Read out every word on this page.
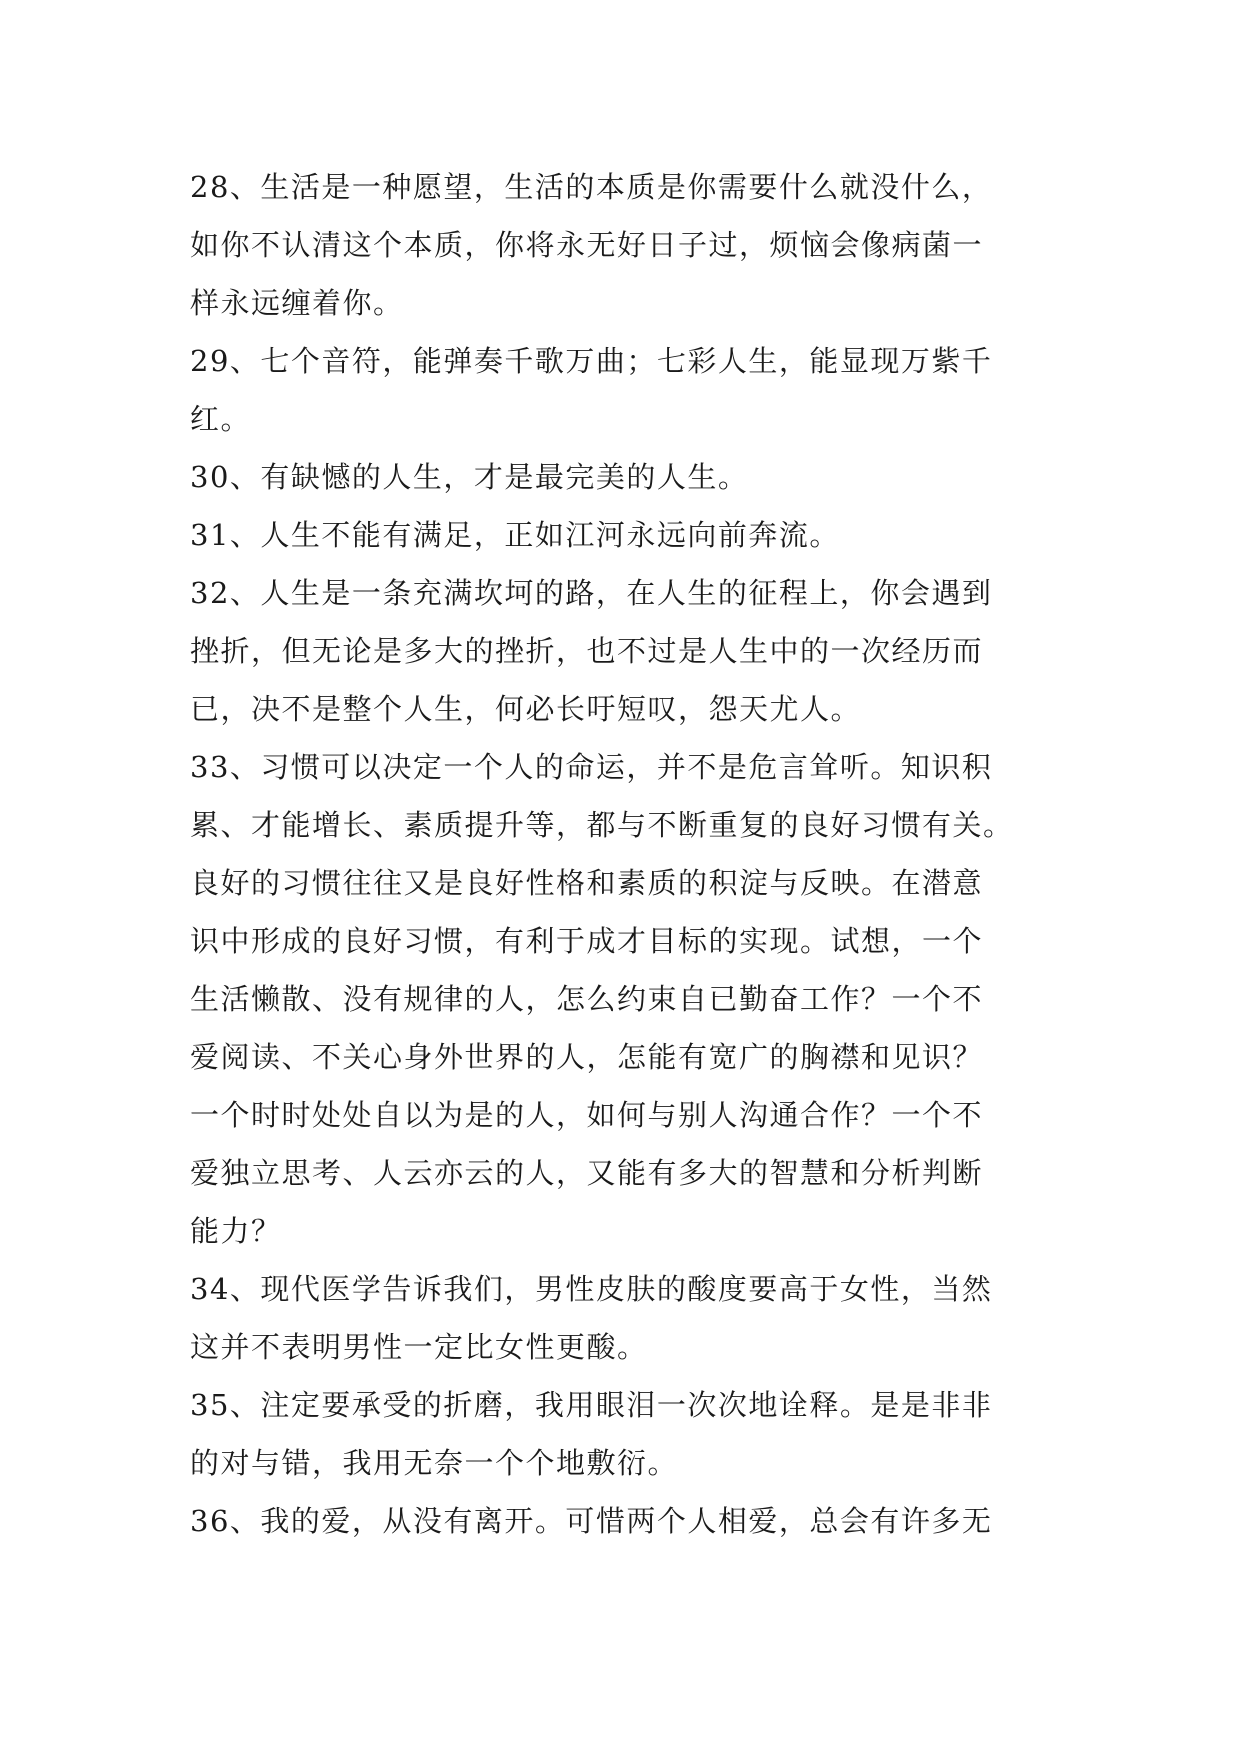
28、生活是一种愿望，生活的本质是你需要什么就没什么，
如你不认清这个本质，你将永无好日子过，烦恼会像病菌一
样永远缠着你。
29、七个音符，能弹奏千歌万曲；七彩人生，能显现万紫千
红。
30、有缺憾的人生，才是最完美的人生。
31、人生不能有满足，正如江河永远向前奔流。
32、人生是一条充满坎坷的路，在人生的征程上，你会遇到
挫折，但无论是多大的挫折，也不过是人生中的一次经历而
已，决不是整个人生，何必长吁短叹，怨天尤人。
33、习惯可以决定一个人的命运，并不是危言耸听。知识积
累、才能增长、素质提升等，都与不断重复的良好习惯有关。
良好的习惯往往又是良好性格和素质的积淀与反映。在潜意
识中形成的良好习惯，有利于成才目标的实现。试想，一个
生活懒散、没有规律的人，怎么约束自已勤奋工作？一个不
爱阅读、不关心身外世界的人，怎能有宽广的胸襟和见识？
一个时时处处自以为是的人，如何与别人沟通合作？一个不
爱独立思考、人云亦云的人，又能有多大的智慧和分析判断
能力？
34、现代医学告诉我们，男性皮肤的酸度要高于女性，当然
这并不表明男性一定比女性更酸。
35、注定要承受的折磨，我用眼泪一次次地诠释。是是非非
的对与错，我用无奈一个个地敷衍。
36、我的爱，从没有离开。可惜两个人相爱，总会有许多无
